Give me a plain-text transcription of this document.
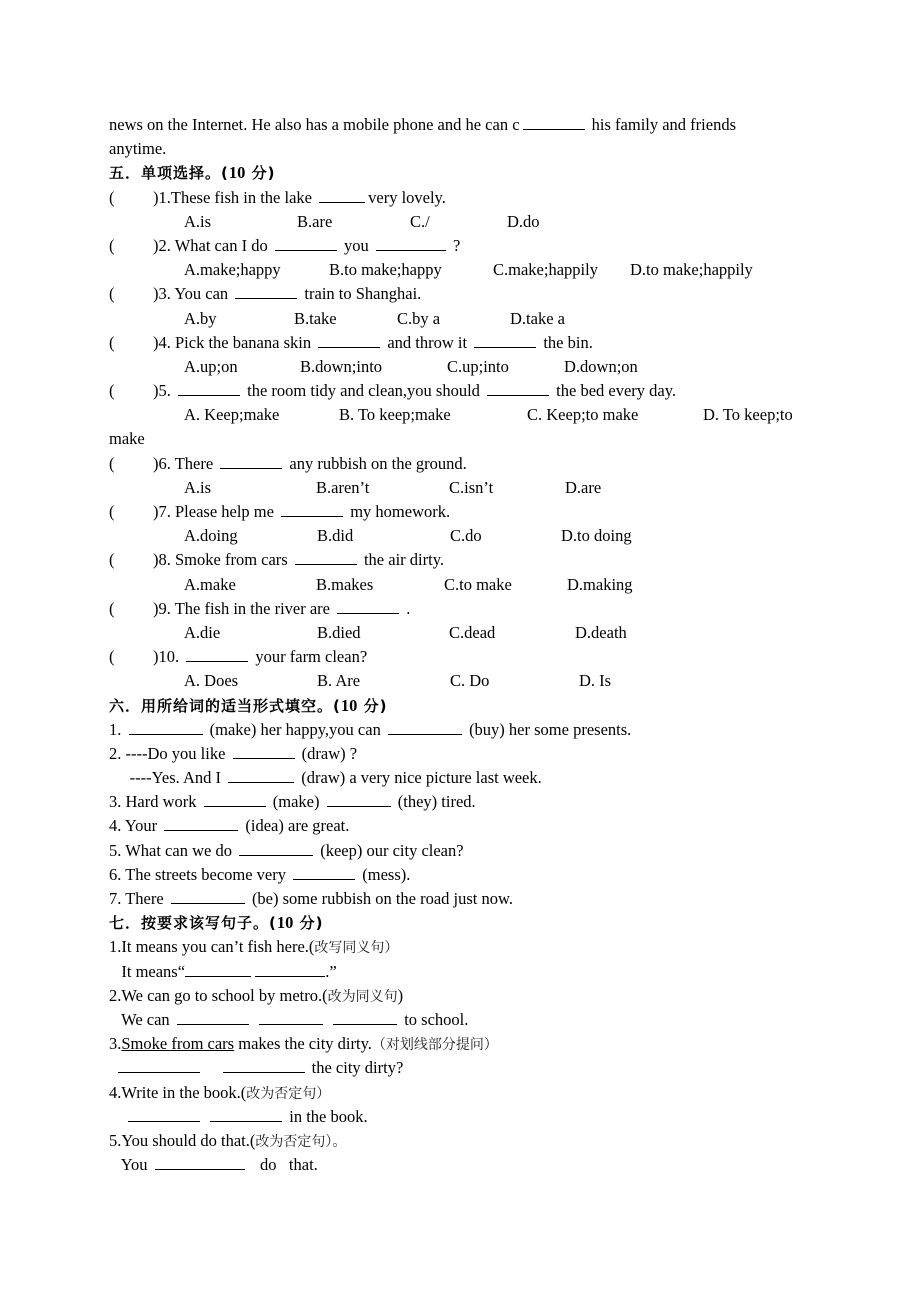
news on the Internet. He also has a mobile phone and he can c	his family and friends
anytime.
五．单项选择。(10 分)
( )1.These fish in the lake	very lovely.
A.is	B.are	C./	D.do
( )2. What can I do	you	?
A.make;happy	B.to make;happy	C.make;happily D.to make;happily
( )3. You can	train to Shanghai.
A.by	B.take	C.by a	D.take a
( )4. Pick the banana skin	and throw it	the bin.
A.up;on	B.down;into	C.up;into	D.down;on
( )5.	the room tidy and clean,you should	the bed every day.
A. Keep;make	B. To keep;make	C. Keep;to make	D. To keep;to
make
( )6. There	any rubbish on the ground.
A.is	B.aren’t	C.isn’t	D.are
( )7. Please help me	my homework.
A.doing	B.did	C.do	D.to doing
( )8. Smoke from cars	the air dirty.
A.make	B.makes	C.to make	D.making
( )9. The fish in the river are	.
A.die	B.died	C.dead	D.death
( )10.	your farm clean?
A. Does	B. Are	C. Do	D. Is
六．用所给词的适当形式填空。(10 分)
1.	(make) her happy,you can	(buy) her some presents.
2. ----Do you like	(draw) ?
----Yes. And I	(draw) a very nice picture last week.
3. Hard work	(make)	(they) tired.
4. Your	(idea) are great.
5. What can we do	(keep) our city clean?
6. The streets become very	(mess).
7. There	(be) some rubbish on the road just now.
七．按要求该写句子。(10 分)
1.It means you can’t fish here.(改写同义句）
It means“	.”
2.We can go to school by metro.(改为同义句)
We can	to school.
3.Smoke from cars makes the city dirty.（对划线部分提问）
the city dirty?
4.Write in the book.(改为否定句）
in the book.
5.You should do that.(改为否定句）。
You	do   that.
